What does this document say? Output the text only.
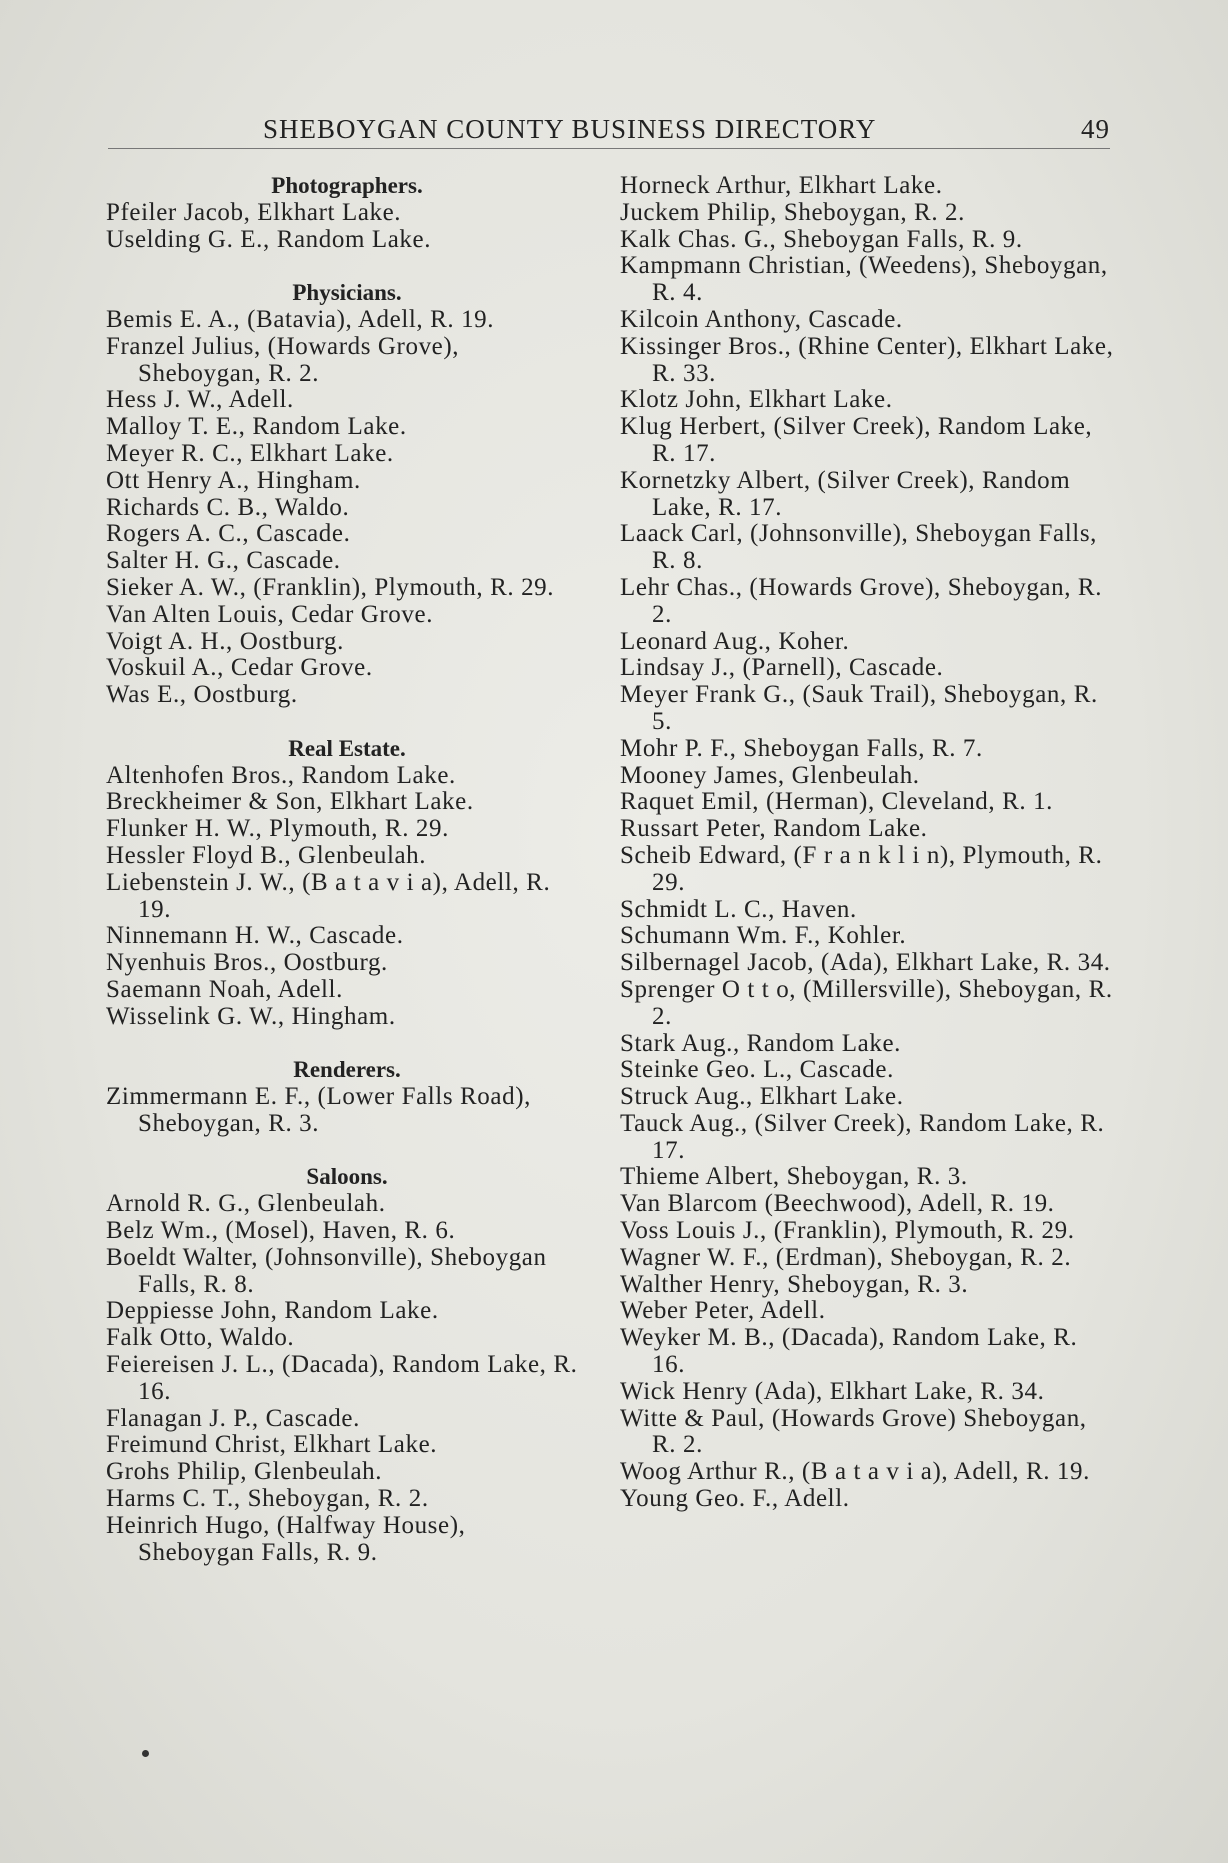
SHEBOYGAN COUNTY BUSINESS DIRECTORY	49
Photographers.
Pfeiler Jacob, Elkhart Lake.
Uselding G. E., Random Lake.
Physicians.
Bemis E. A., (Batavia), Adell, R. 19.
Franzel Julius, (Howards Grove), Sheboygan, R. 2.
Hess J. W., Adell.
Malloy T. E., Random Lake.
Meyer R. C., Elkhart Lake.
Ott Henry A., Hingham.
Richards C. B., Waldo.
Rogers A. C., Cascade.
Salter H. G., Cascade.
Sieker A. W., (Franklin), Plymouth, R. 29.
Van Alten Louis, Cedar Grove.
Voigt A. H., Oostburg.
Voskuil A., Cedar Grove.
Was E., Oostburg.
Real Estate.
Altenhofen Bros., Random Lake.
Breckheimer & Son, Elkhart Lake.
Flunker H. W., Plymouth, R. 29.
Hessler Floyd B., Glenbeulah.
Liebenstein J. W., (B a t a v i a), Adell, R. 19.
Ninnemann H. W., Cascade.
Nyenhuis Bros., Oostburg.
Saemann Noah, Adell.
Wisselink G. W., Hingham.
Renderers.
Zimmermann E. F., (Lower Falls Road), Sheboygan, R. 3.
Saloons.
Arnold R. G., Glenbeulah.
Belz Wm., (Mosel), Haven, R. 6.
Boeldt Walter, (Johnsonville), Sheboygan Falls, R. 8.
Deppiesse John, Random Lake.
Falk Otto, Waldo.
Feiereisen J. L., (Dacada), Random Lake, R. 16.
Flanagan J. P., Cascade.
Freimund Christ, Elkhart Lake.
Grohs Philip, Glenbeulah.
Harms C. T., Sheboygan, R. 2.
Heinrich Hugo, (Halfway House), Sheboygan Falls, R. 9.
Horneck Arthur, Elkhart Lake.
Juckem Philip, Sheboygan, R. 2.
Kalk Chas. G., Sheboygan Falls, R. 9.
Kampmann Christian, (Weedens), Sheboygan, R. 4.
Kilcoin Anthony, Cascade.
Kissinger Bros., (Rhine Center), Elkhart Lake, R. 33.
Klotz John, Elkhart Lake.
Klug Herbert, (Silver Creek), Random Lake, R. 17.
Kornetzky Albert, (Silver Creek), Random Lake, R. 17.
Laack Carl, (Johnsonville), Sheboygan Falls, R. 8.
Lehr Chas., (Howards Grove), Sheboygan, R. 2.
Leonard Aug., Koher.
Lindsay J., (Parnell), Cascade.
Meyer Frank G., (Sauk Trail), Sheboygan, R. 5.
Mohr P. F., Sheboygan Falls, R. 7.
Mooney James, Glenbeulah.
Raquet Emil, (Herman), Cleveland, R. 1.
Russart Peter, Random Lake.
Scheib Edward, (F r a n k l i n), Plymouth, R. 29.
Schmidt L. C., Haven.
Schumann Wm. F., Kohler.
Silbernagel Jacob, (Ada), Elkhart Lake, R. 34.
Sprenger O t t o, (Millersville), Sheboygan, R. 2.
Stark Aug., Random Lake.
Steinke Geo. L., Cascade.
Struck Aug., Elkhart Lake.
Tauck Aug., (Silver Creek), Random Lake, R. 17.
Thieme Albert, Sheboygan, R. 3.
Van Blarcom (Beechwood), Adell, R. 19.
Voss Louis J., (Franklin), Plymouth, R. 29.
Wagner W. F., (Erdman), Sheboygan, R. 2.
Walther Henry, Sheboygan, R. 3.
Weber Peter, Adell.
Weyker M. B., (Dacada), Random Lake, R. 16.
Wick Henry (Ada), Elkhart Lake, R. 34.
Witte & Paul, (Howards Grove) Sheboygan, R. 2.
Woog Arthur R., (B a t a v i a), Adell, R. 19.
Young Geo. F., Adell.
